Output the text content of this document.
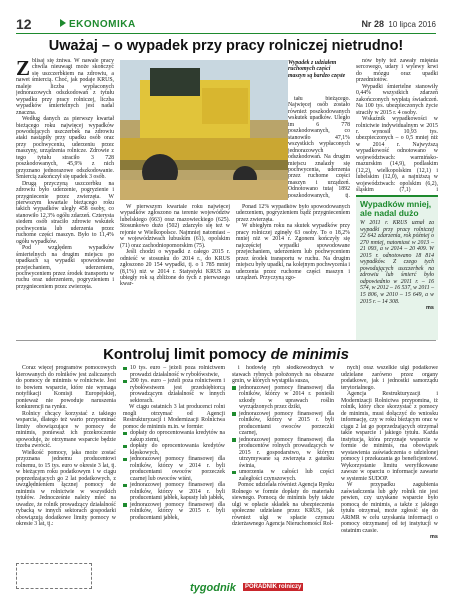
12	EKONOMIKA	Nr 28 10 lipca 2016
Uważaj – o wypadek przy pracy rolniczej nietrudno!
Z blisaj się żniwa. W nawale pracy chwila nieuwagi może skończyć się uszczerbkiem na zdrowiu, a nawet śmiercią. Choć, jak podaje KRUS, maleje liczba wypłaconych jednorazowych odszkodowań z tytułu wypadku przy pracy rolniczej, liczba wypadków śmiertelnych jest nadal znaczna.

Według danych za pierwszy kwartał bieżącego roku najwięcej wypadków powodujących uszczerbek na zdrowiu ataki nastąpiły przy upadku osób oraz przy pochwyceniu, uderzeniu przez maszyny, urządzenia rolnicze. Zdrowie z tego tytułu straciło 3 728 poszkodowanych, 45,9% z nich przyznano jednorazowe odszkodowanie. Śmiercią zakończył się upadek 3 osób.

Drugą przyczyną uszczerbku na zdrowiu było uderzenie, pogryzienie i przygniecenie przez zwierzęta. W pierwszym kwartale bieżącego roku takich wypadków uległy 458 osoby, co stanowiło 12,3% ogółu zdarzeń. Czterysta siedem osób straciło zdrowie wskutek pochwycenia lub uderzenia przez ruchome części maszyn. Było to 11,4% ogółu wypadków.

Pod względem wypadków śmiertelnych na drugim miejscu po upadkach są wypadki spowodowane przejechaniem, uderzeniem, pochwyceniem przez środek transportu w ruchu oraz uderzeniem, pogryzieniem i przygnieceniem przez zwierzęta.

Wypadek z udziałem ruchomych części maszyn są bardzo częste

tału bieżącego. Najwięcej osób zostało również poszkodowanych wskutek upadków. Uległo im 6 778 poszkodowanych, co stanowiło 47,1% wszystkich wypłaconych jednorazowych odszkodowań. Na drugim miejscu znalazły się pochwycenia, uderzenia przez ruchome części maszyn i urządzeń. Odnotowano tutaj 1892 poszkodowanych, tj.

W pierwszym kwartale roku najwięcej wypadków zgłoszono na terenie województw lubelskiego (663) oraz mazowieckiego (625). Stosunkowo dużo (502) zdarzyło się też w rejonie w Wielkopolsce. Najmniej natomiast – w województwach lubuskim (61), opolskim (71) oraz zachodniopomorskim (75).

Jeśli chodzi o wypadki z całego 2015 r. odnieść w stosunku do 2014 r., do KRUS zgłoszono 20 154 wypadki, tj. o 1 785 mniej (8,1%) niż w 2014 r. Statystyki KRUS za ubiegły rok są zbliżone do tych z pierwszego kwar-

Ponad 12% wypadków było spowodowanych uderzeniem, pogryzieniem bądź przygnieceniem przez zwierzęta.

W ubiegłym roku na skutek wypadków przy pracy rolniczej zginęły 63 osoby. To o 18,2% mniej niż w 2014 r. Zgonem kończyły się najczęściej wypadki spowodowane przejechaniem, uderzeniem lub pochwyceniem przez środek transportu w ruchu. Na drugim miejscu były upadki, na kolejnym pochwycenia i uderzenia przez ruchome części maszyn i urządzeń. Przyczyną zgo-

nów były też zawały mięśnia sercowego, udary i wylewy krwi do mózgu oraz upadki przedmiotów.

Wypadki śmiertelne stanowiły 0,44% wszystkich zdarzeń zakończonych wypłatą świadczeń. Na 100 tys. ubezpieczonych życie straciły w 2015 r. 4 osoby.

Wskaźnik wypadkowości w rolnictwie indywidualnym w 2015 r. wynosił 10,93 tys. ubezpieczonych – o 0,5 mniej niż w 2014 r. Najwyższą wypadkowość odnotowano w województwach: warmińsko-mazurskim (14,9), podlaskim (12,2), wielkopolskim (12,1) i lubelskim (12,0), a najniższą w województwach: opolskim (6,2), śląskim (7,1) i

Wypadków mniej, ale nadal dużo
W 2011 r. KRUS uznał za wypadki przy pracy rolniczej 22 642 zdarzenia, rok później o 270 mniej, natomiast w 2013 – 21 093, a w 2014 – 20 409. W 2015 r. odnotowano 18 814 wypadków. Z czego tych powodujących uszczerbek na zdrowiu lub śmierć było odpowiednio w 2011 r. – 16 574, w 2012 – 16 537, w 2011 – 15 806, w 2010 – 15 649, a w 2015 r. – 14 308.
ms
Kontroluj limit pomocy de minimis

Coraz więcej programów pomocowych kierowanych do rolników jest zaliczanych do pomocy de minimis w rolnictwie. Jest to bowiem wsparcie, które nie wymaga notyfikacji Komisji Europejskiej, ponieważ nie powoduje naruszenia konkurencji na rynku.

Rolnicy chcący korzystać z takiego wsparcia, dlatego też warto przypominać limity obowiązujące w pomocy de minimis, ponieważ ich przekroczenie spowoduje, że otrzymane wsparcie będzie trzeba zwrócić.

Wielkość pomocy, jaka może zostać przyznana jednemu producentowi rolnemu, to 15 tys. euro w okresie 3 lat, tj. w bieżącym roku podatkowym i w ciągu poprzedzających go 2 lat podatkowych, z uwzględnieniem łącznej pomocy de minimis w rolnictwie w wszystkich tytułów. Jednocześnie należy mieć na uwadze, że rolnik prowadzący działalność rybacką w innych sektorach gospodarki obowiązują dodatkowe limity pomocy w okresie 3 lat, tj.:

10 tys. euro – jeżeli poza rolnictwem prowadzi działalność w rybołówstwie,

200 tys. euro – jeżeli poza rolnictwem i rybołówstwem jest przedsiębiorcą prowadzącym działalność w innych sektorach.

W ciągu ostatnich 3 lat producenci rolni mogli otrzymać od Agencji Restrukturyzacji i Modernizacji Rolnictwa pomoc de minimis m.in. w formie:

dopłaty do oprocentowania kredytów na zakup ziemi,

dopłaty do oprocentowania kredytów klęskowych,

jednorazowej pomocy finansowej dla rolników, którzy w 2014 r. byli producentami owoców porzeczek czarnej lub owoców wiśni,

jednorazowej pomocy finansowej dla rolników, którzy w 2014 r. byli producentami jabłek, kapusty lub jabłek,

jednorazowej pomocy finansowej dla rolników, którzy w 2015 r. byli producentami jabłek,

i hodowlę ryb słodkowodnych w stawach rybnych położonych na obszarze gmin, w których wystąpiła susza,

jednorazowej pomocy finansowej dla rolników, którzy w 2014 r. ponieśli szkody w uprawach roślin wyrządzonych przez dziki,

jednorazowej pomocy finansowej dla rolników, którzy w 2015 r. byli producentami owoców porzeczki czarnej,

jednorazowej pomocy finansowej dla producentów rolnych prowadzących w 2015 r. gospodarstwo, w którym utrzymywane są zwierzęta z gatunku świnia,

umorzenia w całości lub części zaległości czynszowych.

Pomoc udzielała również Agencja Rynku Rolnego w formie dopłaty do materiału siewnego. Pomocą de minimis były także ulgi w opłacie składek na ubezpieczenia społeczne udzielane przez KRUS, jak również ulgi w spłacie czynszu dzierżawnego Agencja Nieruchomości Rol-

nych) oraz wszelkie ulgi podatkowe udzielane zarówno przez organy podatkowe, jak i jednostki samorządu terytorialnego.

Agencja Restrukturyzacji i Modernizacji Rolnictwa przypomina, iż rolnik, który chce skorzystać z pomocy de minimis, musi dołączyć do wniosku informację, czy w roku bieżącym oraz w ciągu 2 lat go poprzedzających otrzymał takie wsparcie i jakiego tytułu. Każda instytucja, która przyznaje wsparcie w formie de minimis, ma obowiązek wystawienia zaświadczenia o udzielonej pomocy i przekazania go beneficjentowi. Wykorzystanie limitu weryfikowane zawsze w oparciu o informacje zawarte w systemie SUDOP.

W przypadku zagubienia zaświadczenia lub gdy rolnik nie jest pewien, czy uzyskane wsparcie było pomocą de minimis, a także z jakiego tytułu otrzymał, może zgłosić się do ARiMR w celu uzyskania informacji o pomocy otrzymanej od tej instytucji w ostatnim czasie.

ms
tygodnik	PORADNIK rolniczy
